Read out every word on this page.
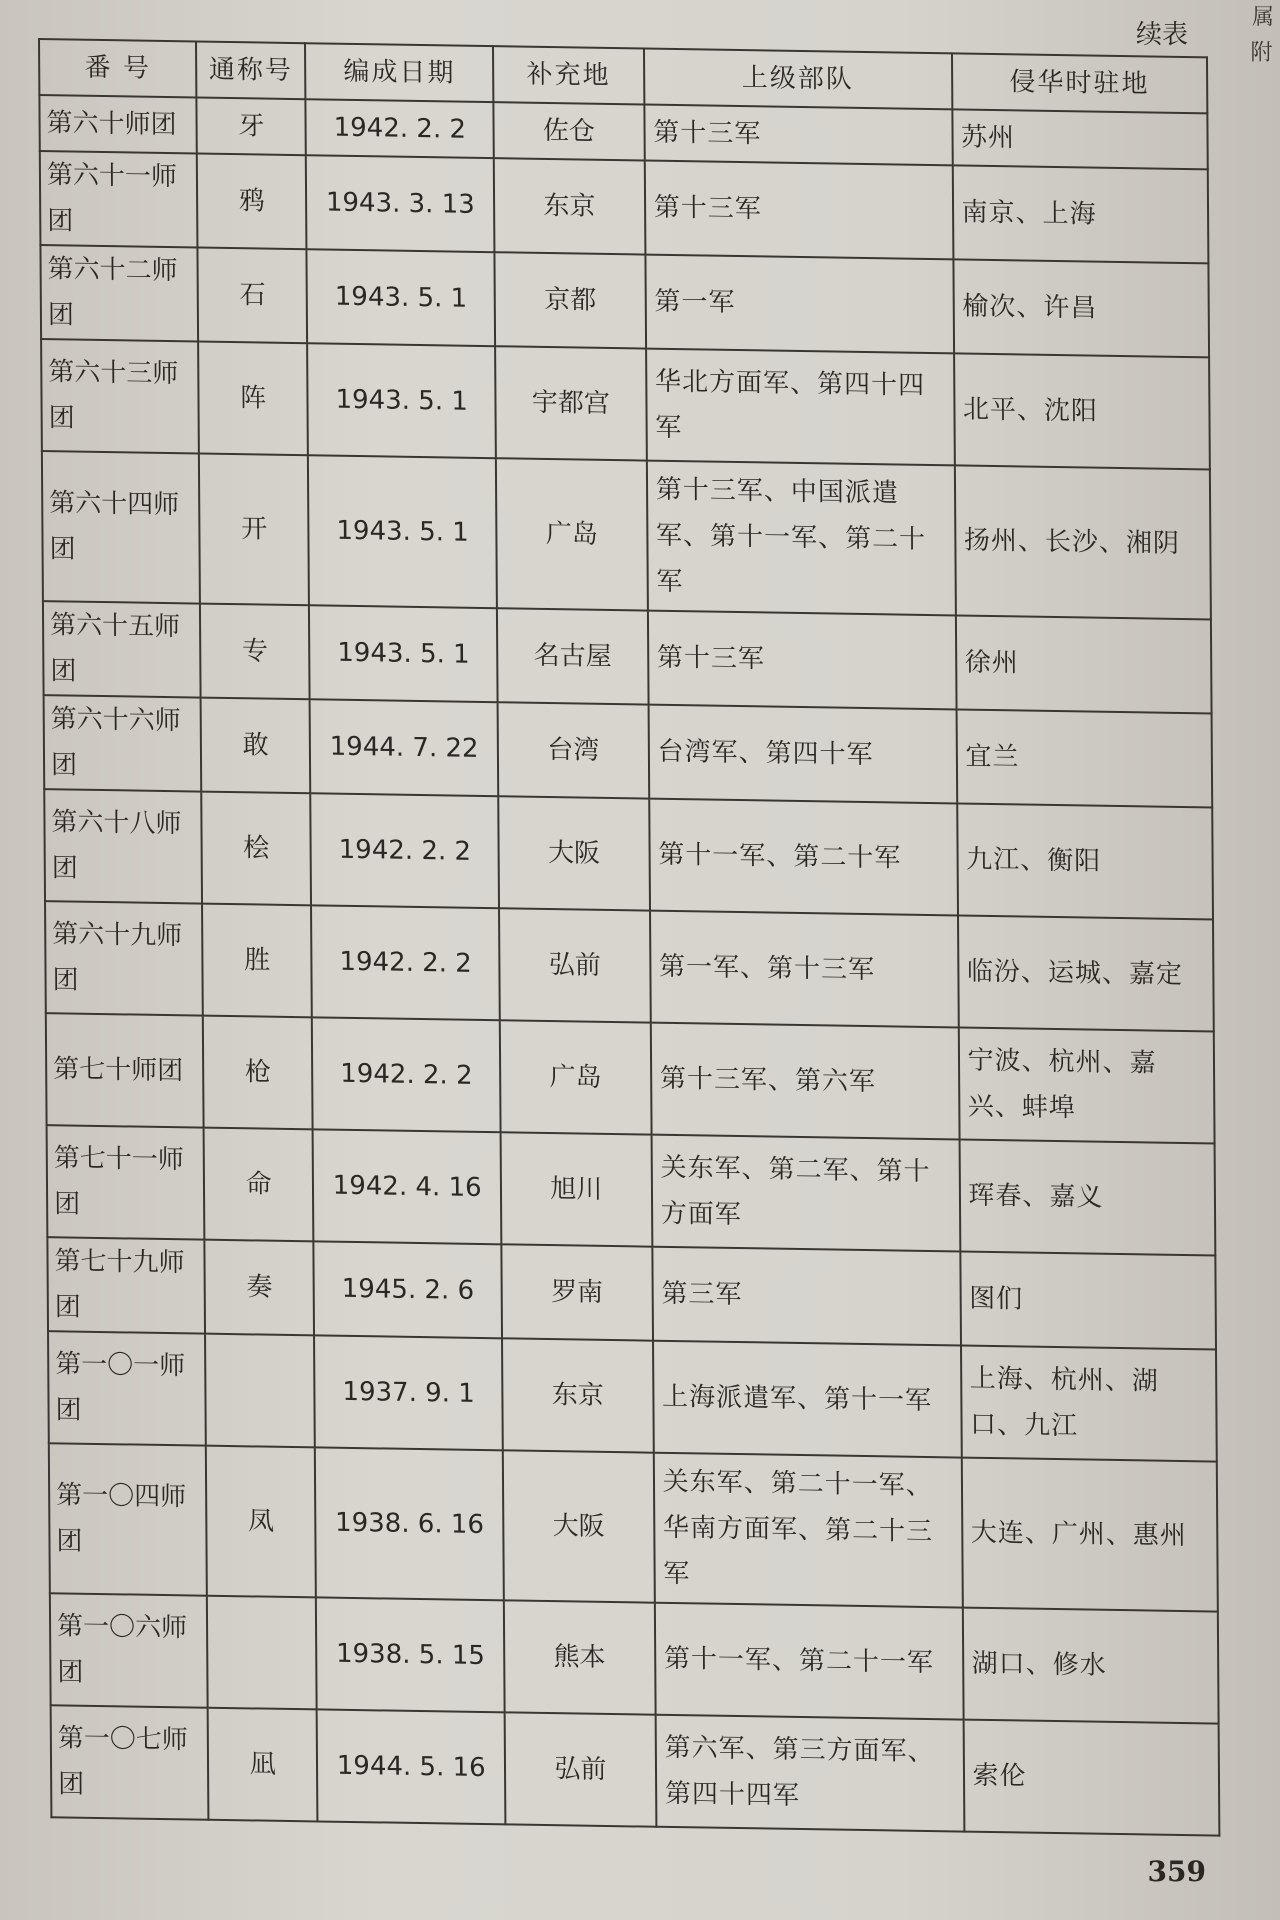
属
附
续表
番 号	通称号	编成日期	补充地	上级部队	侵华时驻地
第六十师团	牙	1942. 2. 2	佐仓	第十三军	苏州
第六十一师团	鸦	1943. 3. 13	东京	第十三军	南京、上海
第六十二师团	石	1943. 5. 1	京都	第一军	榆次、许昌
第六十三师团	阵	1943. 5. 1	宇都宫	华北方面军、第四十四军	北平、沈阳
第六十四师团	开	1943. 5. 1	广岛	第十三军、中国派遣军、第十一军、第二十军	扬州、长沙、湘阴
第六十五师团	专	1943. 5. 1	名古屋	第十三军	徐州
第六十六师团	敢	1944. 7. 22	台湾	台湾军、第四十军	宜兰
第六十八师团	桧	1942. 2. 2	大阪	第十一军、第二十军	九江、衡阳
第六十九师团	胜	1942. 2. 2	弘前	第一军、第十三军	临汾、运城、嘉定
第七十师团	枪	1942. 2. 2	广岛	第十三军、第六军	宁波、杭州、嘉兴、蚌埠
第七十一师团	命	1942. 4. 16	旭川	关东军、第二军、第十方面军	珲春、嘉义
第七十九师团	奏	1945. 2. 6	罗南	第三军	图们
第一〇一师团		1937. 9. 1	东京	上海派遣军、第十一军	上海、杭州、湖口、九江
第一〇四师团	凤	1938. 6. 16	大阪	关东军、第二十一军、华南方面军、第二十三军	大连、广州、惠州
第一〇六师团		1938. 5. 15	熊本	第十一军、第二十一军	湖口、修水
第一〇七师团	凪	1944. 5. 16	弘前	第六军、第三方面军、第四十四军	索伦
359
